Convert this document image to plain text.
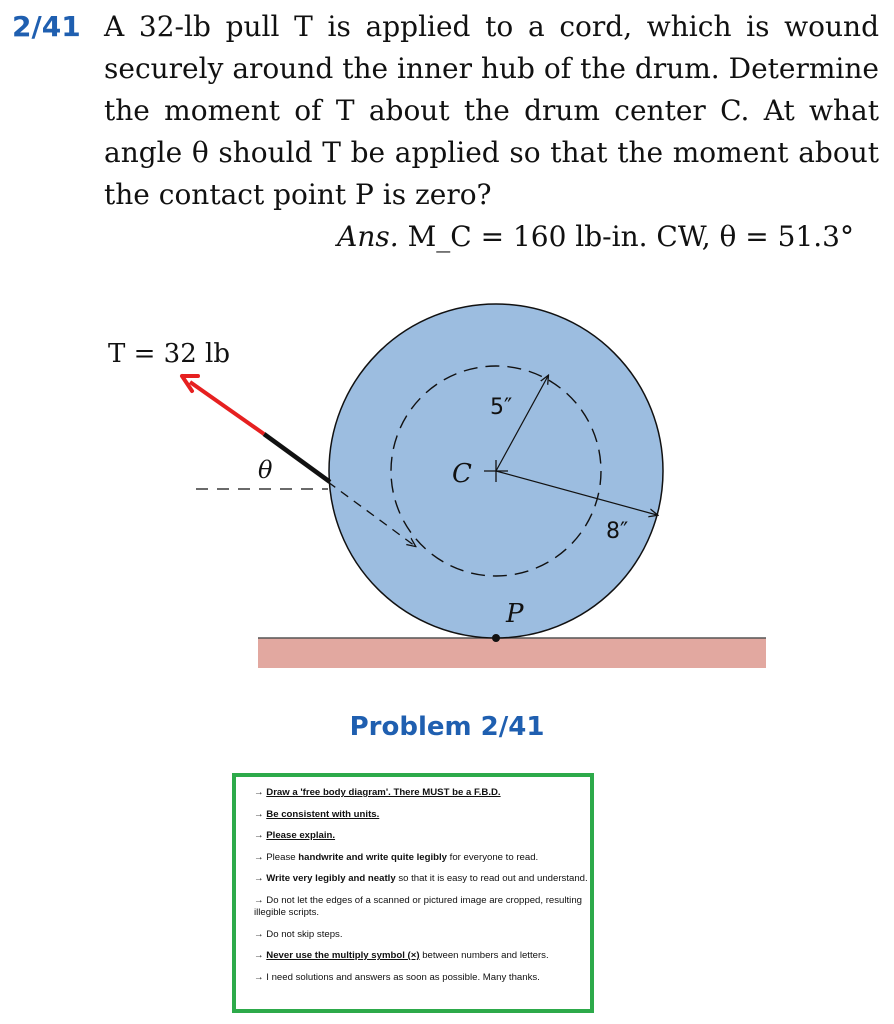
2/41 A 32-lb pull T is applied to a cord, which is wound securely around the inner hub of the drum. Determine the moment of T about the drum center C. At what angle θ should T be applied so that the moment about the contact point P is zero?
Ans. M_C = 160 lb-in. CW, θ = 51.3°
T = 32 lb
θ	C
P
5″
8″
Problem 2/41

→ Draw a 'free body diagram'. There MUST be a F.B.D.

→ Be consistent with units.

→ Please explain.

→ Please handwrite and write quite legibly for everyone to read.

→ Write very legibly and neatly so that it is easy to read out and understand.

→ Do not let the edges of a scanned or pictured image are cropped, resulting illegible scripts.

→ Do not skip steps.

→ Never use the multiply symbol (×) between numbers and letters.

→ I need solutions and answers as soon as possible. Many thanks.
